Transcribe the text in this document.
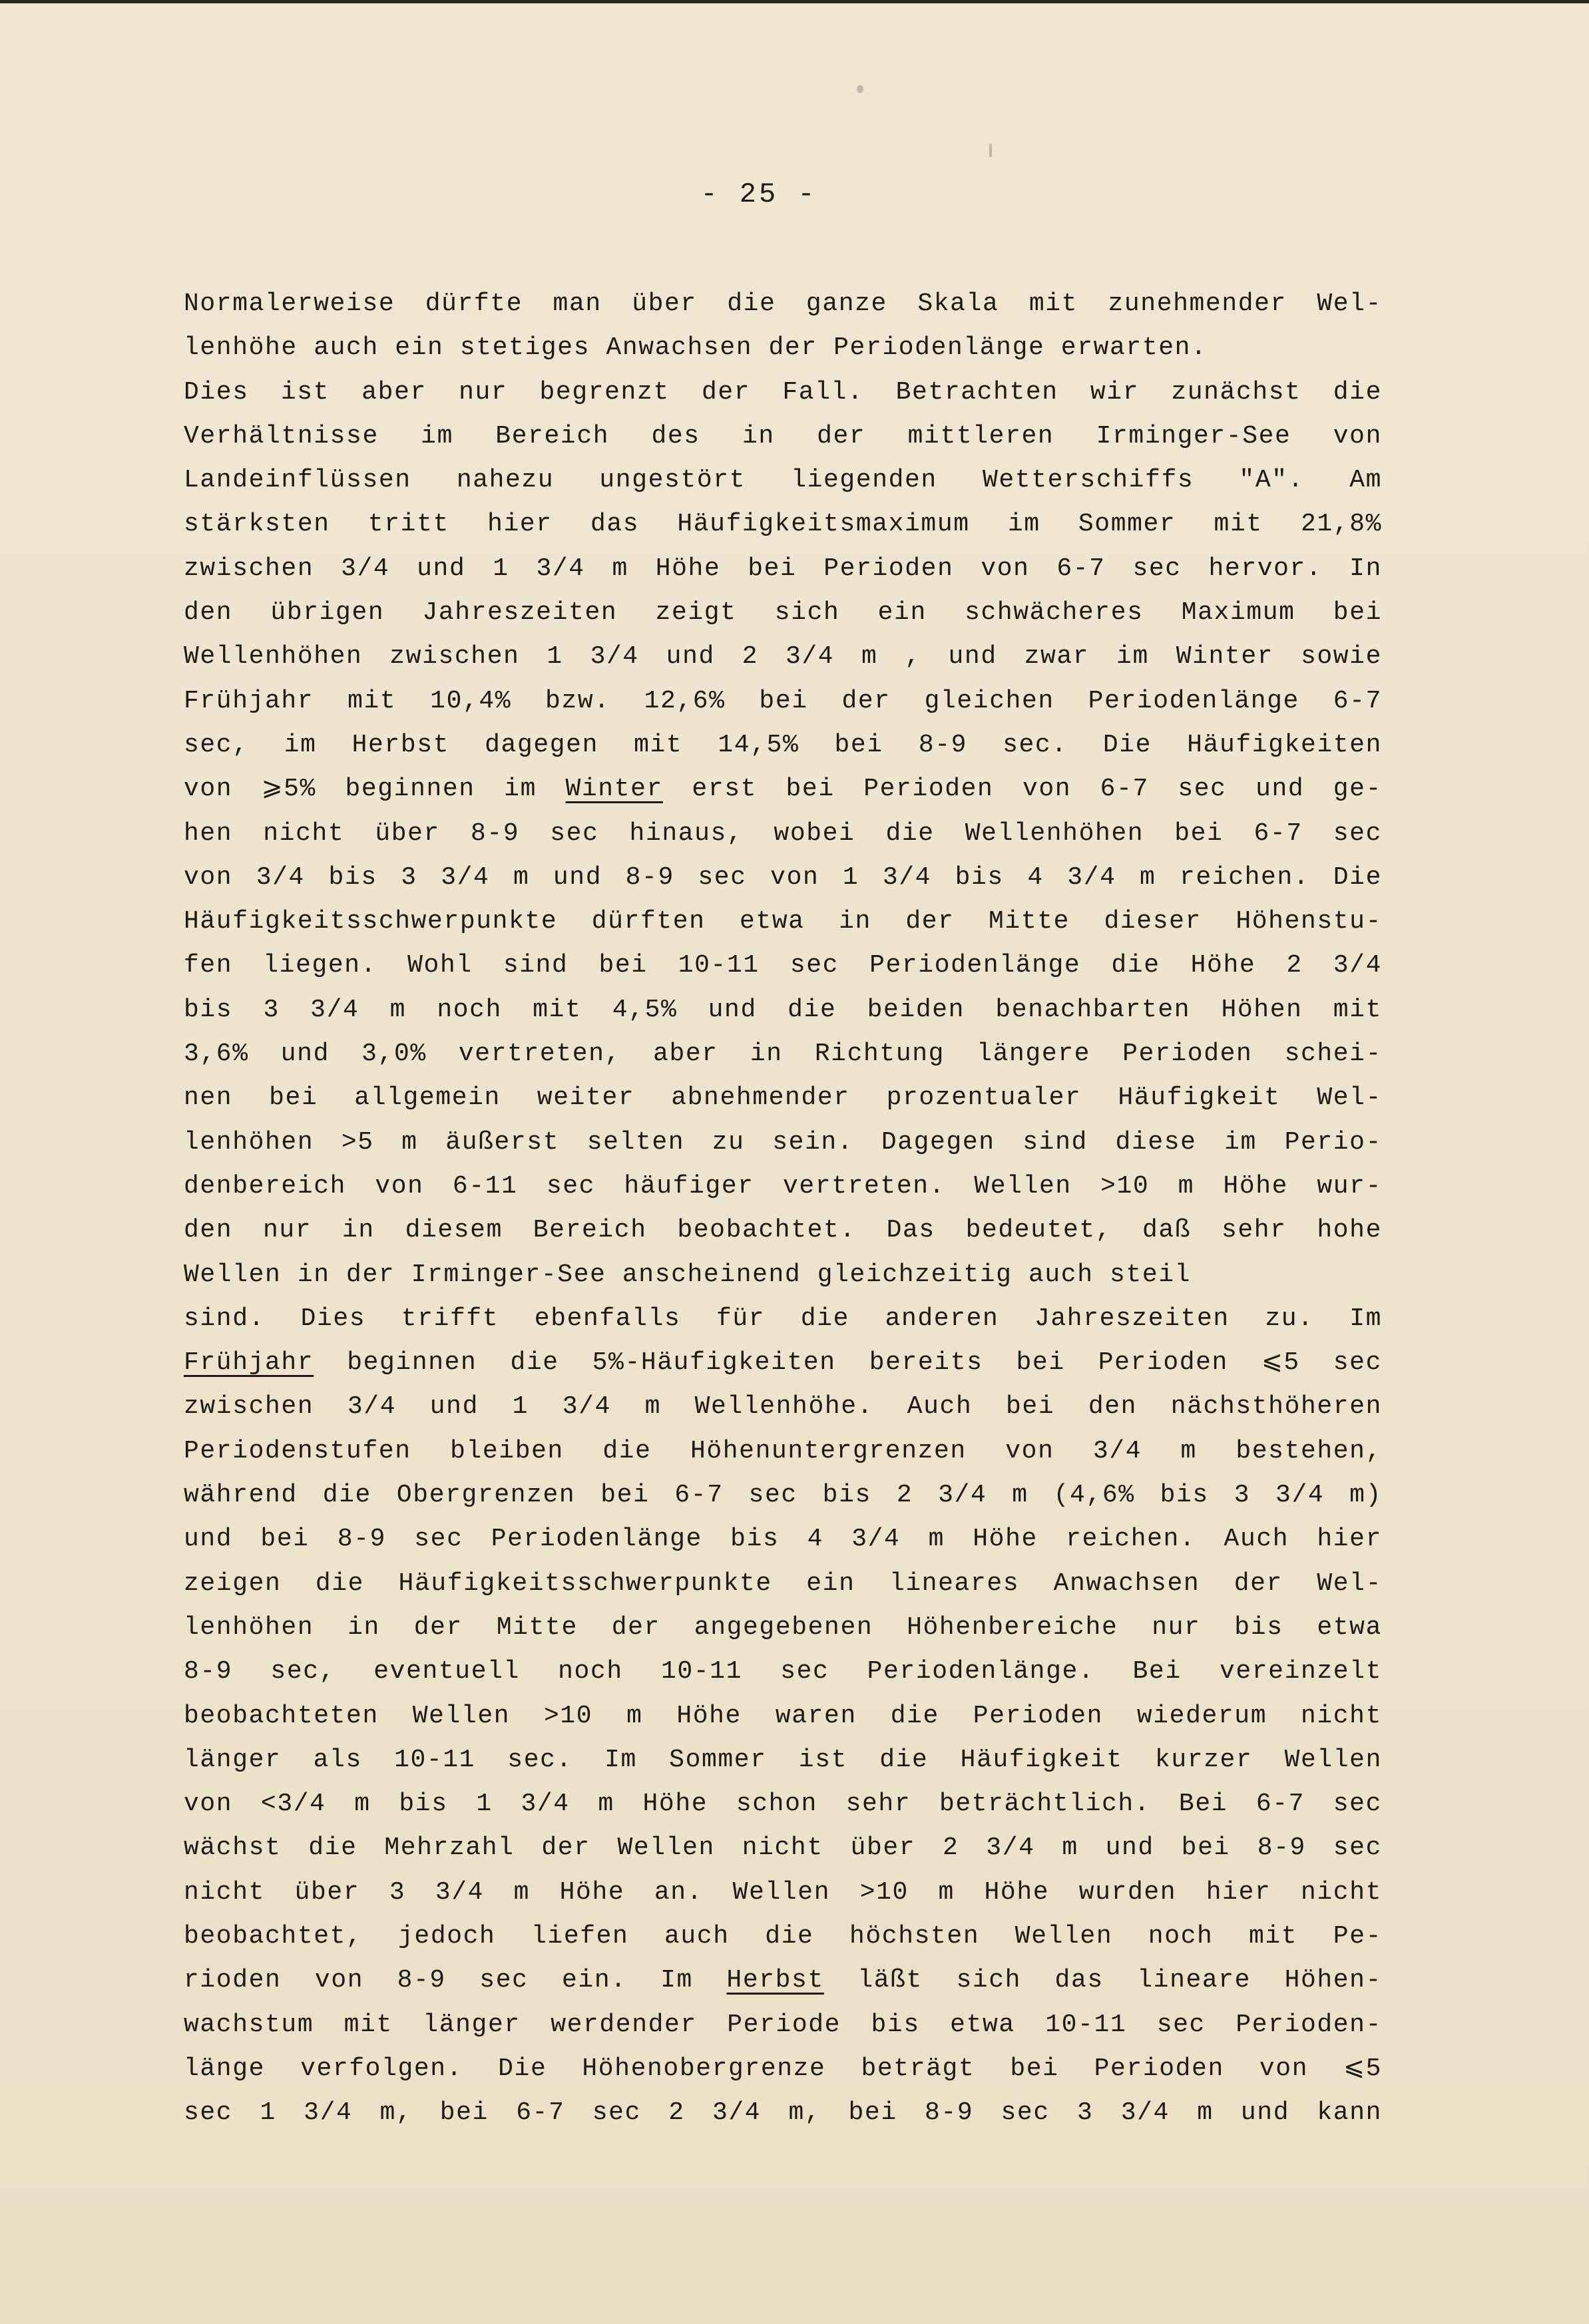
- 25 -
Normalerweise dürfte man über die ganze Skala mit zunehmender Wel-
lenhöhe auch ein stetiges Anwachsen der Periodenlänge erwarten.
Dies ist aber nur begrenzt der Fall. Betrachten wir zunächst die
Verhältnisse im Bereich des in der mittleren Irminger-See von
Landeinflüssen nahezu ungestört liegenden Wetterschiffs "A". Am
stärksten tritt hier das Häufigkeitsmaximum im Sommer mit 21,8%
zwischen 3/4 und 1 3/4 m Höhe bei Perioden von 6-7 sec hervor. In
den übrigen Jahreszeiten zeigt sich ein schwächeres Maximum bei
Wellenhöhen zwischen 1 3/4 und 2 3/4 m , und zwar im Winter sowie
Frühjahr mit 10,4% bzw. 12,6% bei der gleichen Periodenlänge 6-7
sec, im Herbst dagegen mit 14,5% bei 8-9 sec. Die Häufigkeiten
von ⩾5% beginnen im Winter erst bei Perioden von 6-7 sec und ge-
hen nicht über 8-9 sec hinaus, wobei die Wellenhöhen bei 6-7 sec
von 3/4 bis 3 3/4 m und 8-9 sec von 1 3/4 bis 4 3/4 m reichen. Die
Häufigkeitsschwerpunkte dürften etwa in der Mitte dieser Höhenstu-
fen liegen. Wohl sind bei 10-11 sec Periodenlänge die Höhe 2 3/4
bis 3 3/4 m noch mit 4,5% und die beiden benachbarten Höhen mit
3,6% und 3,0% vertreten, aber in Richtung längere Perioden schei-
nen bei allgemein weiter abnehmender prozentualer Häufigkeit Wel-
lenhöhen >5 m äußerst selten zu sein. Dagegen sind diese im Perio-
denbereich von 6-11 sec häufiger vertreten. Wellen >10 m Höhe wur-
den nur in diesem Bereich beobachtet. Das bedeutet, daß sehr hohe
Wellen in der Irminger-See anscheinend gleichzeitig auch steil
sind. Dies trifft ebenfalls für die anderen Jahreszeiten zu. Im
Frühjahr beginnen die 5%-Häufigkeiten bereits bei Perioden ⩽5 sec
zwischen 3/4 und 1 3/4 m Wellenhöhe. Auch bei den nächsthöheren
Periodenstufen bleiben die Höhenuntergrenzen von 3/4 m bestehen,
während die Obergrenzen bei 6-7 sec bis 2 3/4 m (4,6% bis 3 3/4 m)
und bei 8-9 sec Periodenlänge bis 4 3/4 m Höhe reichen. Auch hier
zeigen die Häufigkeitsschwerpunkte ein lineares Anwachsen der Wel-
lenhöhen in der Mitte der angegebenen Höhenbereiche nur bis etwa
8-9 sec, eventuell noch 10-11 sec Periodenlänge. Bei vereinzelt
beobachteten Wellen >10 m Höhe waren die Perioden wiederum nicht
länger als 10-11 sec. Im Sommer ist die Häufigkeit kurzer Wellen
von <3/4 m bis 1 3/4 m Höhe schon sehr beträchtlich. Bei 6-7 sec
wächst die Mehrzahl der Wellen nicht über 2 3/4 m und bei 8-9 sec
nicht über 3 3/4 m Höhe an. Wellen >10 m Höhe wurden hier nicht
beobachtet, jedoch liefen auch die höchsten Wellen noch mit Pe-
rioden von 8-9 sec ein. Im Herbst läßt sich das lineare Höhen-
wachstum mit länger werdender Periode bis etwa 10-11 sec Perioden-
länge verfolgen. Die Höhenobergrenze beträgt bei Perioden von ⩽5
sec 1 3/4 m, bei 6-7 sec 2 3/4 m, bei 8-9 sec 3 3/4 m und kann
